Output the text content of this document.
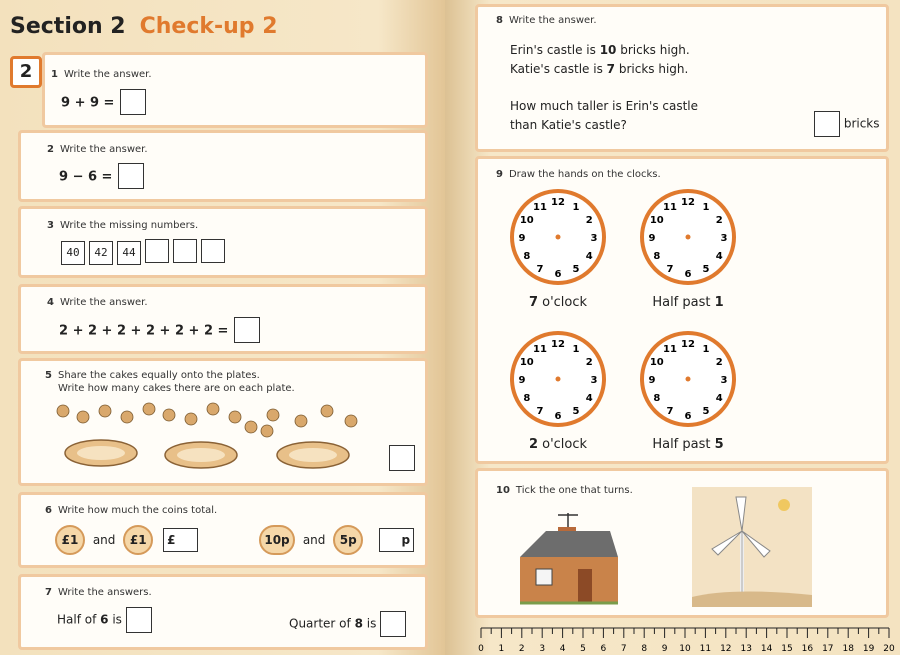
Section 2 Check-up 2
2	1 Write the answer.
9 + 9 =
2 Write the answer.
9 − 6 =
3 Write the missing numbers.
40 42 44
4 Write the answer.
2 + 2 + 2 + 2 + 2 + 2 =
5 Share the cakes equally onto the plates.
Write how many cakes there are on each plate.
6 Write how much the coins total.
£1 and £1 £	10p and 5p	p
7 Write the answers.
Half of 6 is	Quarter of 8 is
8 Write the answer.
Erin's castle is 10 bricks high.
Katie's castle is 7 bricks high.
How much taller is Erin's castle
than Katie's castle?	bricks
9 Draw the hands on the clocks.
12 1
2
3
4
5
6
7
8
9
10
11
7 o'clock
12 1
2
3
4
5
6
7
8
9
10
11
Half past 1
12 1
2
3
4
5
6
7
8
9
10
11
2 o'clock
12 1
2
3
4
5
6
7
8
9
10
11
Half past 5
10 Tick the one that turns.
0 1 2 3 4 5 6 7 8 9 10 11 12 13 14 15 16 17 18 19 20
